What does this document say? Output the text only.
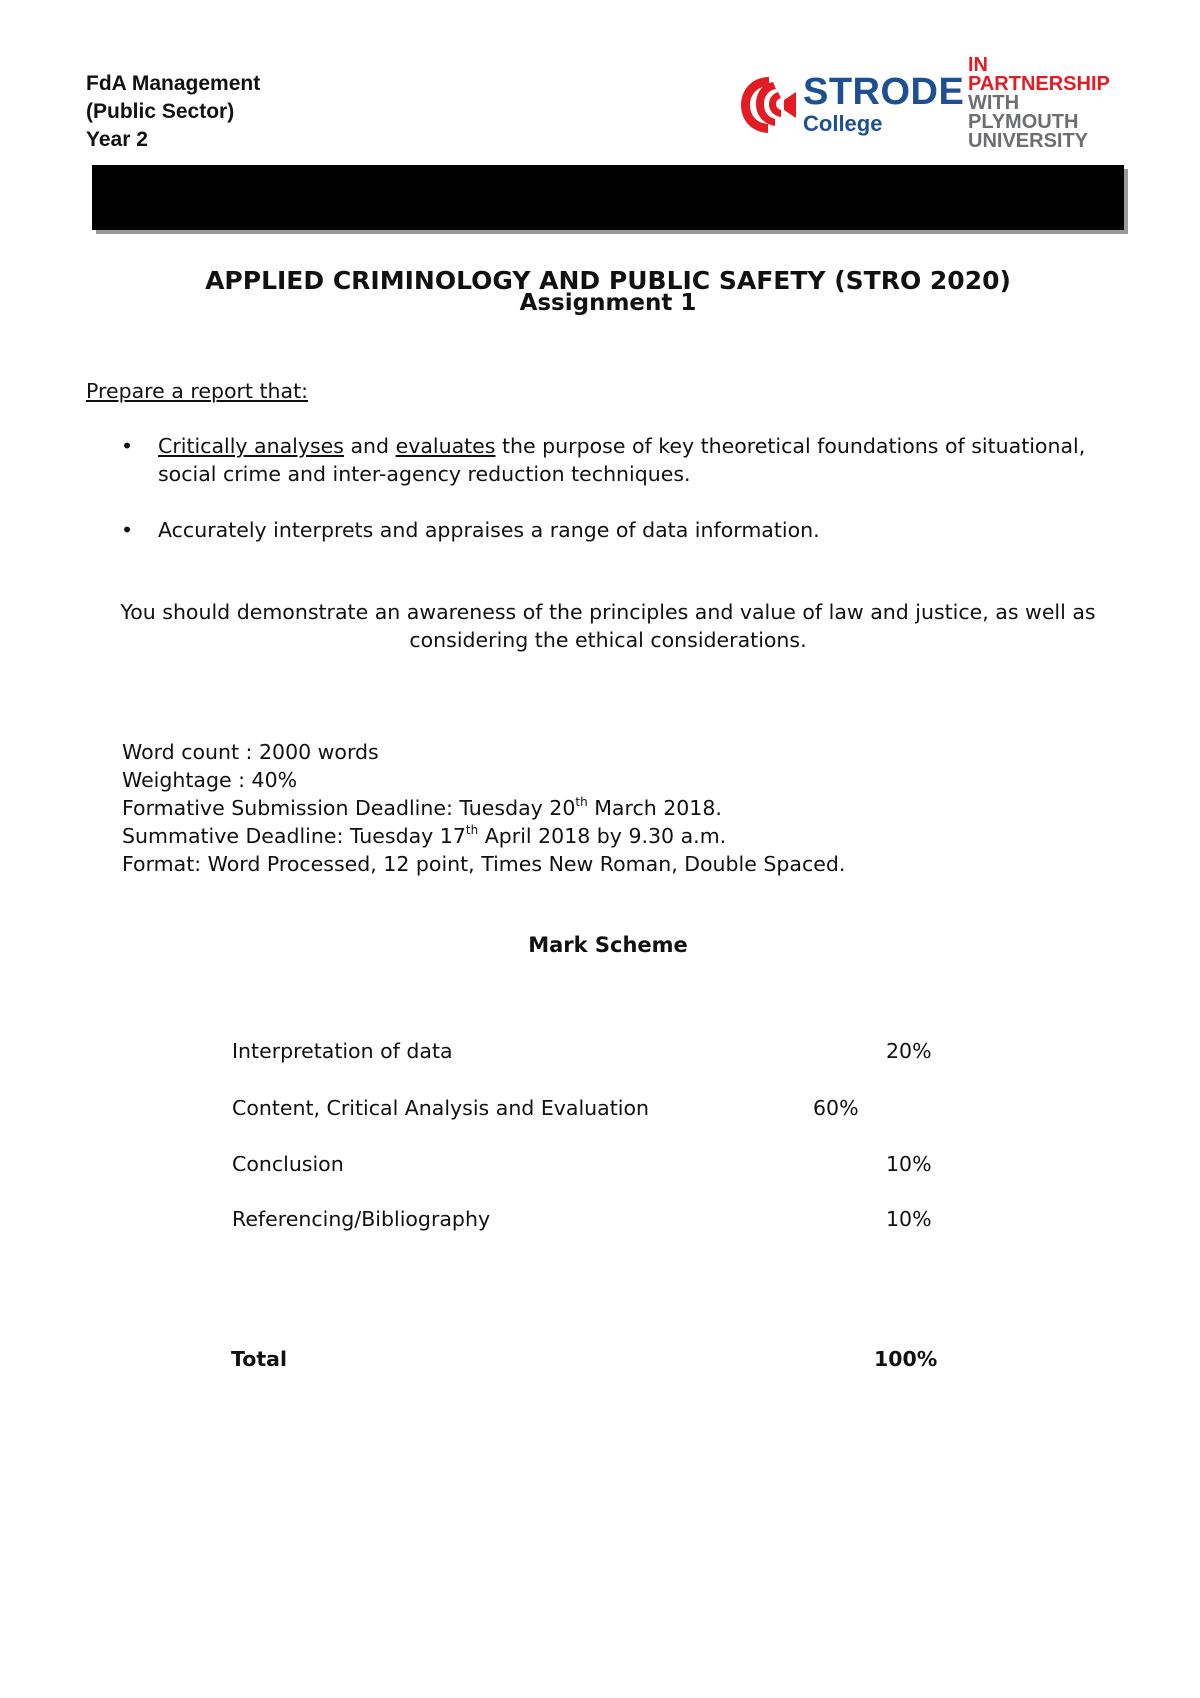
FdA Management
(Public Sector)
Year 2
STRODE
College
IN
PARTNERSHIP
WITH
PLYMOUTH
UNIVERSITY
APPLIED CRIMINOLOGY AND PUBLIC SAFETY (STRO 2020)
Assignment 1
Prepare a report that:
• Critically analyses and evaluates the purpose of key theoretical foundations of situational, social crime and inter-agency reduction techniques.
• Accurately interprets and appraises a range of data information.
You should demonstrate an awareness of the principles and value of law and justice, as well as considering the ethical considerations.
Word count : 2000 words
Weightage : 40%
Formative Submission Deadline: Tuesday 20th March 2018.
Summative Deadline: Tuesday 17th April 2018 by 9.30 a.m.
Format: Word Processed, 12 point, Times New Roman, Double Spaced.
Mark Scheme
Interpretation of data	20%
Content, Critical Analysis and Evaluation	60%
Conclusion	10%
Referencing/Bibliography	10%
Total	100%
